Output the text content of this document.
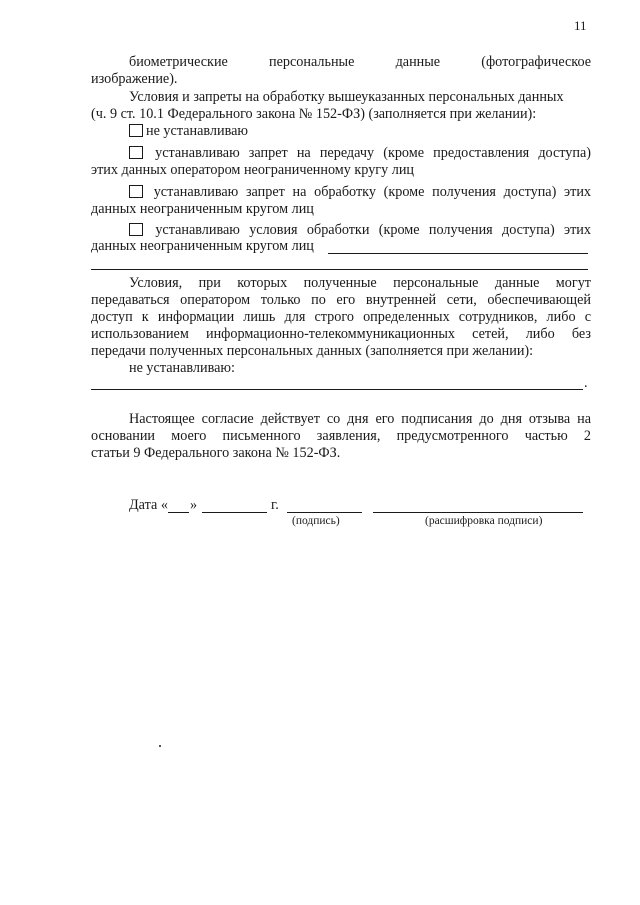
11
биометрические	персональные	данные	(фотографическое
изображение).
Условия и запреты на обработку вышеуказанных персональных данных
(ч. 9 ст. 10.1 Федерального закона № 152-ФЗ) (заполняется при желании):
не устанавливаю
устанавливаю запрет на передачу (кроме предоставления доступа)
этих данных оператором неограниченному кругу лиц
устанавливаю запрет на обработку (кроме получения доступа) этих
данных неограниченным кругом лиц
устанавливаю условия обработки (кроме получения доступа) этих
данных неограниченным кругом лиц
Условия, при которых полученные персональные данные могут
передаваться оператором только по его внутренней сети, обеспечивающей
доступ к информации лишь для строго определенных сотрудников, либо с
использованием информационно-телекоммуникационных сетей, либо без
передачи полученных персональных данных (заполняется при желании):
не устанавливаю:
.
Настоящее согласие действует со дня его подписания до дня отзыва на
основании моего письменного заявления, предусмотренного частью 2
статьи 9 Федерального закона № 152-ФЗ.
Дата « »	г.
(подпись)	(расшифровка подписи)
